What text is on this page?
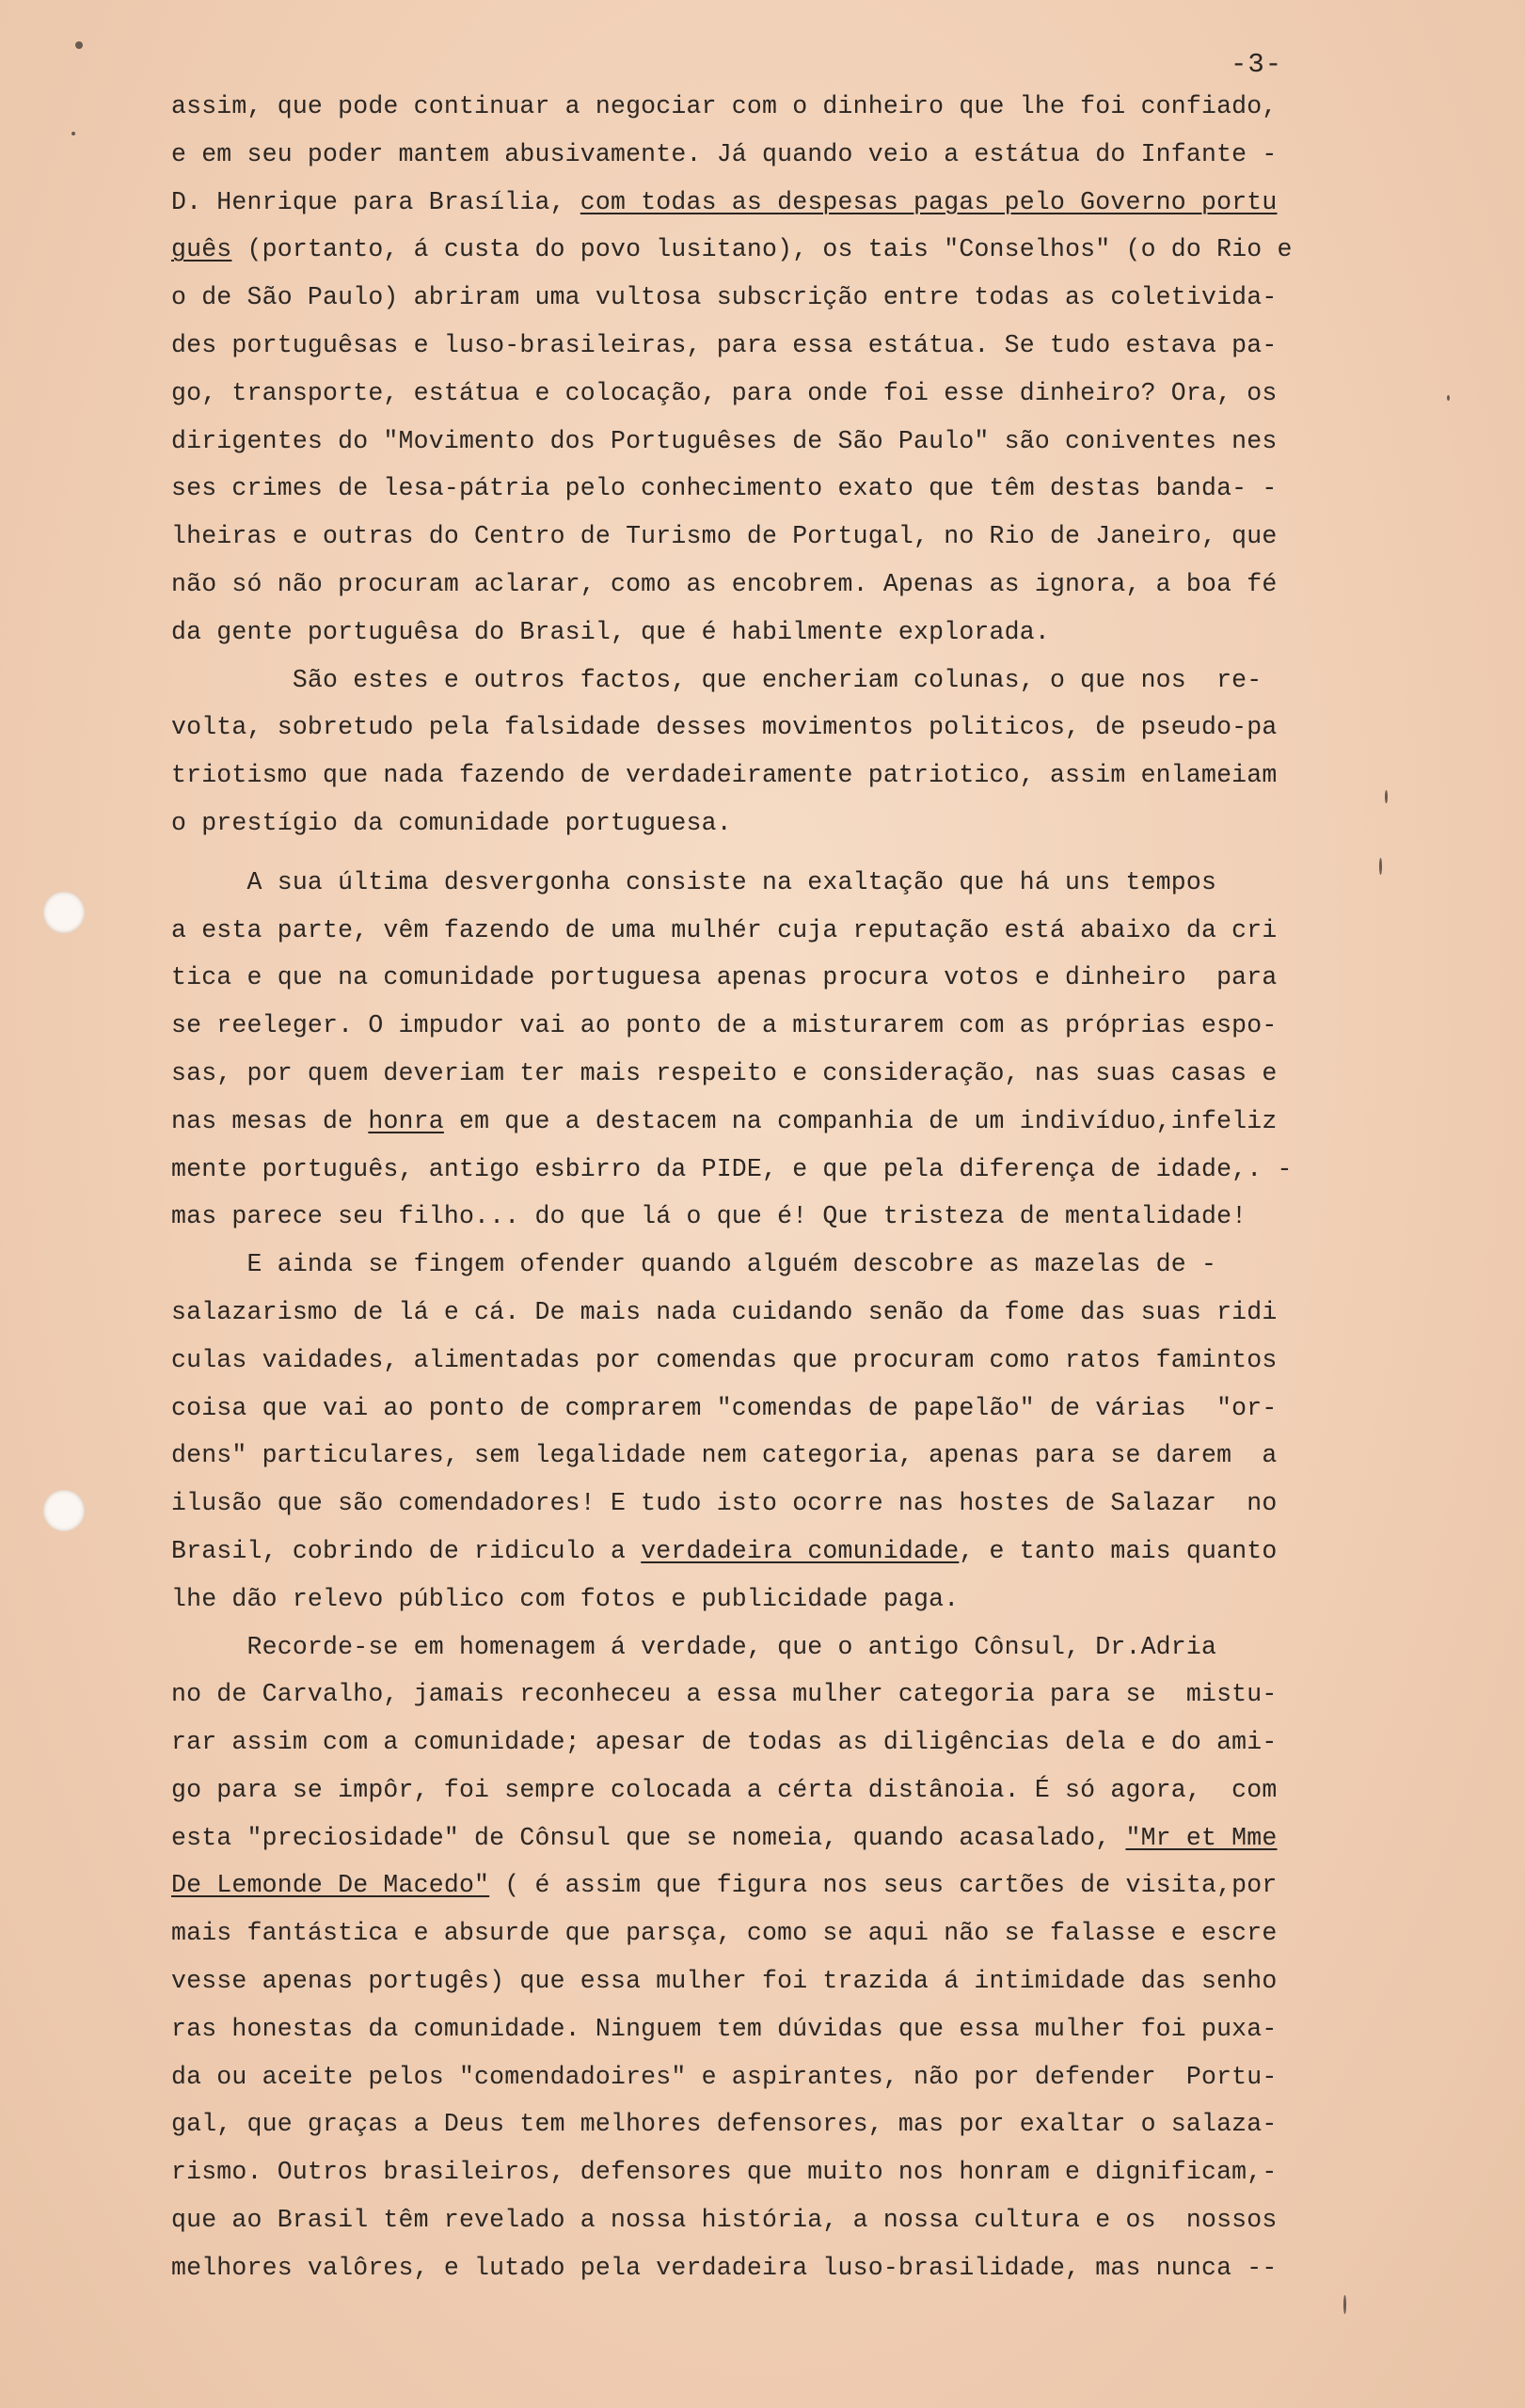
-3-
assim, que pode continuar a negociar com o dinheiro que lhe foi confiado,
e em seu poder mantem abusivamente. Já quando veio a estátua do Infante -
D. Henrique para Brasília, com todas as despesas pagas pelo Governo portu
guês (portanto, á custa do povo lusitano), os tais "Conselhos" (o do Rio e
o de São Paulo) abriram uma vultosa subscrição entre todas as coletivida-
des portuguêsas e luso-brasileiras, para essa estátua. Se tudo estava pa-
go, transporte, estátua e colocação, para onde foi esse dinheiro? Ora, os
dirigentes do "Movimento dos Portuguêses de São Paulo" são coniventes nes
ses crimes de lesa-pátria pelo conhecimento exato que têm destas banda- -
lheiras e outras do Centro de Turismo de Portugal, no Rio de Janeiro, que
não só não procuram aclarar, como as encobrem. Apenas as ignora, a boa fé
da gente portuguêsa do Brasil, que é habilmente explorada.
São estes e outros factos, que encheriam colunas, o que nos  re-
volta, sobretudo pela falsidade desses movimentos politicos, de pseudo-pa
triotismo que nada fazendo de verdadeiramente patriotico, assim enlameiam
o prestígio da comunidade portuguesa.
A sua última desvergonha consiste na exaltação que há uns tempos
a esta parte, vêm fazendo de uma mulhér cuja reputação está abaixo da cri
tica e que na comunidade portuguesa apenas procura votos e dinheiro  para
se reeleger. O impudor vai ao ponto de a misturarem com as próprias espo-
sas, por quem deveriam ter mais respeito e consideração, nas suas casas e
nas mesas de honra em que a destacem na companhia de um indivíduo,infeliz
mente português, antigo esbirro da PIDE, e que pela diferença de idade,. -
mas parece seu filho... do que lá o que é! Que tristeza de mentalidade!
E ainda se fingem ofender quando alguém descobre as mazelas de -
salazarismo de lá e cá. De mais nada cuidando senão da fome das suas ridi
culas vaidades, alimentadas por comendas que procuram como ratos famintos
coisa que vai ao ponto de comprarem "comendas de papelão" de várias  "or-
dens" particulares, sem legalidade nem categoria, apenas para se darem  a
ilusão que são comendadores! E tudo isto ocorre nas hostes de Salazar  no
Brasil, cobrindo de ridiculo a verdadeira comunidade, e tanto mais quanto
lhe dão relevo público com fotos e publicidade paga.
Recorde-se em homenagem á verdade, que o antigo Cônsul, Dr.Adria
no de Carvalho, jamais reconheceu a essa mulher categoria para se  mistu-
rar assim com a comunidade; apesar de todas as diligências dela e do ami-
go para se impôr, foi sempre colocada a cérta distânoia. É só agora,  com
esta "preciosidade" de Cônsul que se nomeia, quando acasalado, "Mr et Mme
De Lemonde De Macedo" ( é assim que figura nos seus cartões de visita,por
mais fantástica e absurde que parsça, como se aqui não se falasse e escre
vesse apenas portugês) que essa mulher foi trazida á intimidade das senho
ras honestas da comunidade. Ninguem tem dúvidas que essa mulher foi puxa-
da ou aceite pelos "comendadoires" e aspirantes, não por defender  Portu-
gal, que graças a Deus tem melhores defensores, mas por exaltar o salaza-
rismo. Outros brasileiros, defensores que muito nos honram e dignificam,-
que ao Brasil têm revelado a nossa história, a nossa cultura e os  nossos
melhores valôres, e lutado pela verdadeira luso-brasilidade, mas nunca --
